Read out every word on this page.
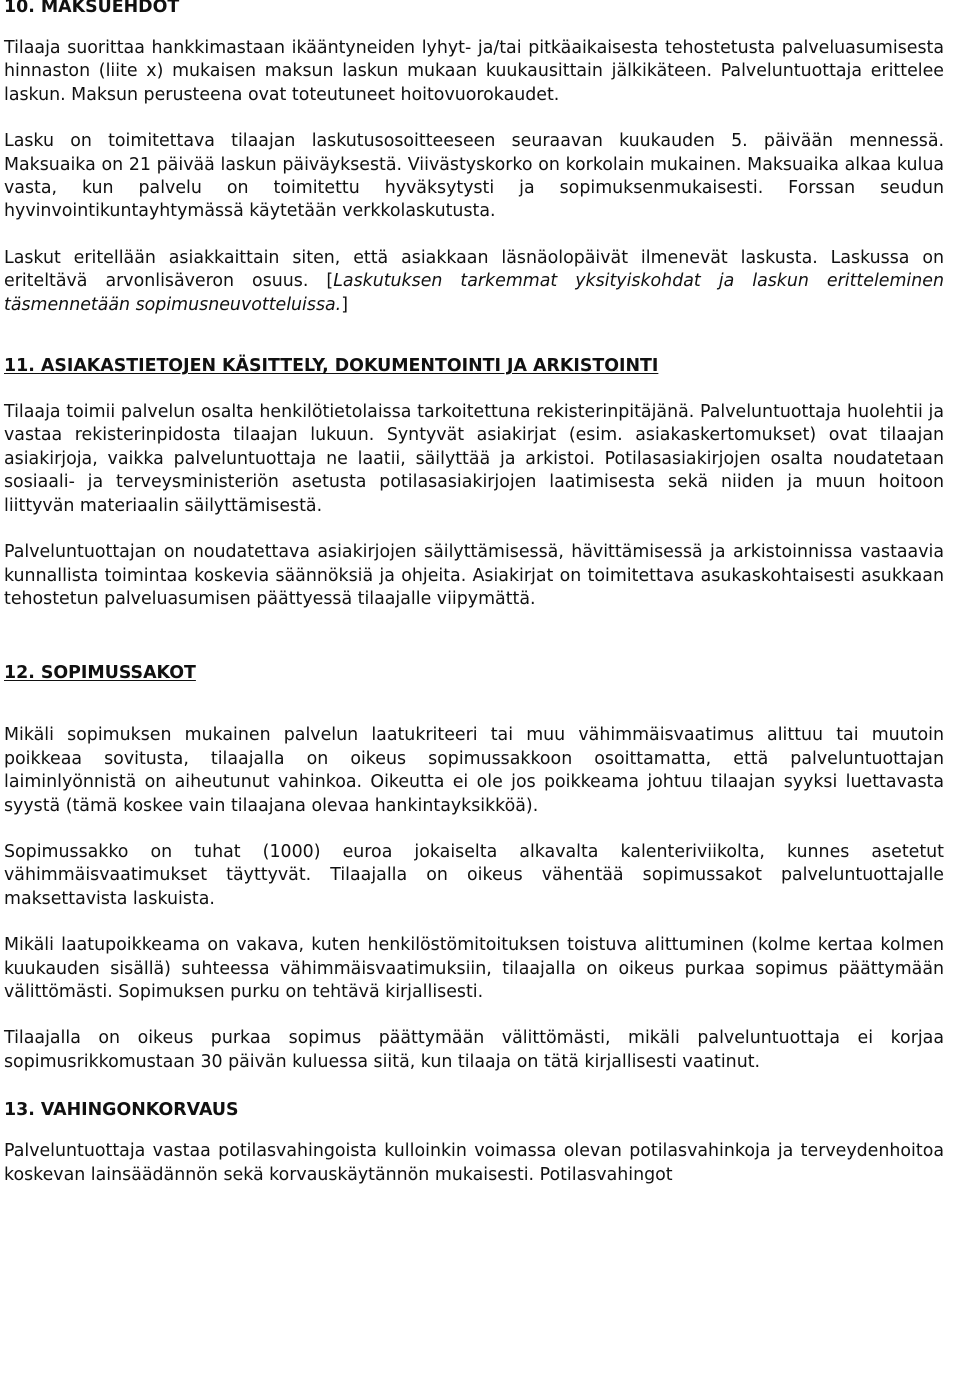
10. MAKSUEHDOT

Tilaaja suorittaa hankkimastaan ikääntyneiden lyhyt- ja/tai pitkäaikaisesta tehostetusta palveluasumisesta hinnaston (liite x) mukaisen maksun laskun mukaan kuukausittain jälkikäteen. Palveluntuottaja erittelee laskun. Maksun perusteena ovat toteutuneet hoitovuorokaudet.

Lasku on toimitettava tilaajan laskutusosoitteeseen seuraavan kuukauden 5. päivään mennessä. Maksuaika on 21 päivää laskun päiväyksestä. Viivästyskorko on korkolain mukainen. Maksuaika alkaa kulua vasta, kun palvelu on toimitettu hyväksytysti ja sopimuksenmukaisesti. Forssan seudun hyvinvointikuntayhtymässä käytetään verkkolaskutusta.

Laskut eritellään asiakkaittain siten, että asiakkaan läsnäolopäivät ilmenevät laskusta. Laskussa on eriteltävä arvonlisäveron osuus. [Laskutuksen tarkemmat yksityiskohdat ja laskun eritteleminen täsmennetään sopimusneuvotteluissa.]

11. ASIAKASTIETOJEN KÄSITTELY, DOKUMENTOINTI JA ARKISTOINTI

Tilaaja toimii palvelun osalta henkilötietolaissa tarkoitettuna rekisterinpitäjänä. Palveluntuottaja huolehtii ja vastaa rekisterinpidosta tilaajan lukuun. Syntyvät asiakirjat (esim. asiakaskertomukset) ovat tilaajan asiakirjoja, vaikka palveluntuottaja ne laatii, säilyttää ja arkistoi. Potilasasiakirjojen osalta noudatetaan sosiaali- ja terveysministeriön asetusta potilasasiakirjojen laatimisesta sekä niiden ja muun hoitoon liittyvän materiaalin säilyttämisestä.

Palveluntuottajan on noudatettava asiakirjojen säilyttämisessä, hävittämisessä ja arkistoinnissa vastaavia kunnallista toimintaa koskevia säännöksiä ja ohjeita. Asiakirjat on toimitettava asukaskohtaisesti asukkaan tehostetun palveluasumisen päättyessä tilaajalle viipymättä.

12. SOPIMUSSAKOT

Mikäli sopimuksen mukainen palvelun laatukriteeri tai muu vähimmäisvaatimus alittuu tai muutoin poikkeaa sovitusta, tilaajalla on oikeus sopimussakkoon osoittamatta, että palveluntuottajan laiminlyönnistä on aiheutunut vahinkoa. Oikeutta ei ole jos poikkeama johtuu tilaajan syyksi luettavasta syystä (tämä koskee vain tilaajana olevaa hankintayksikköä).

Sopimussakko on tuhat (1000) euroa jokaiselta alkavalta kalenteriviikolta, kunnes asetetut vähimmäisvaatimukset täyttyvät. Tilaajalla on oikeus vähentää sopimussakot palveluntuottajalle maksettavista laskuista.

Mikäli laatupoikkeama on vakava, kuten henkilöstömitoituksen toistuva alittuminen (kolme kertaa kolmen kuukauden sisällä) suhteessa vähimmäisvaatimuksiin, tilaajalla on oikeus purkaa sopimus päättymään välittömästi. Sopimuksen purku on tehtävä kirjallisesti.

Tilaajalla on oikeus purkaa sopimus päättymään välittömästi, mikäli palveluntuottaja ei korjaa sopimusrikkomustaan 30 päivän kuluessa siitä, kun tilaaja on tätä kirjallisesti vaatinut.

13. VAHINGONKORVAUS

Palveluntuottaja vastaa potilasvahingoista kulloinkin voimassa olevan potilasvahinkoja ja terveydenhoitoa koskevan lainsäädännön sekä korvauskäytännön mukaisesti. Potilasvahingot
